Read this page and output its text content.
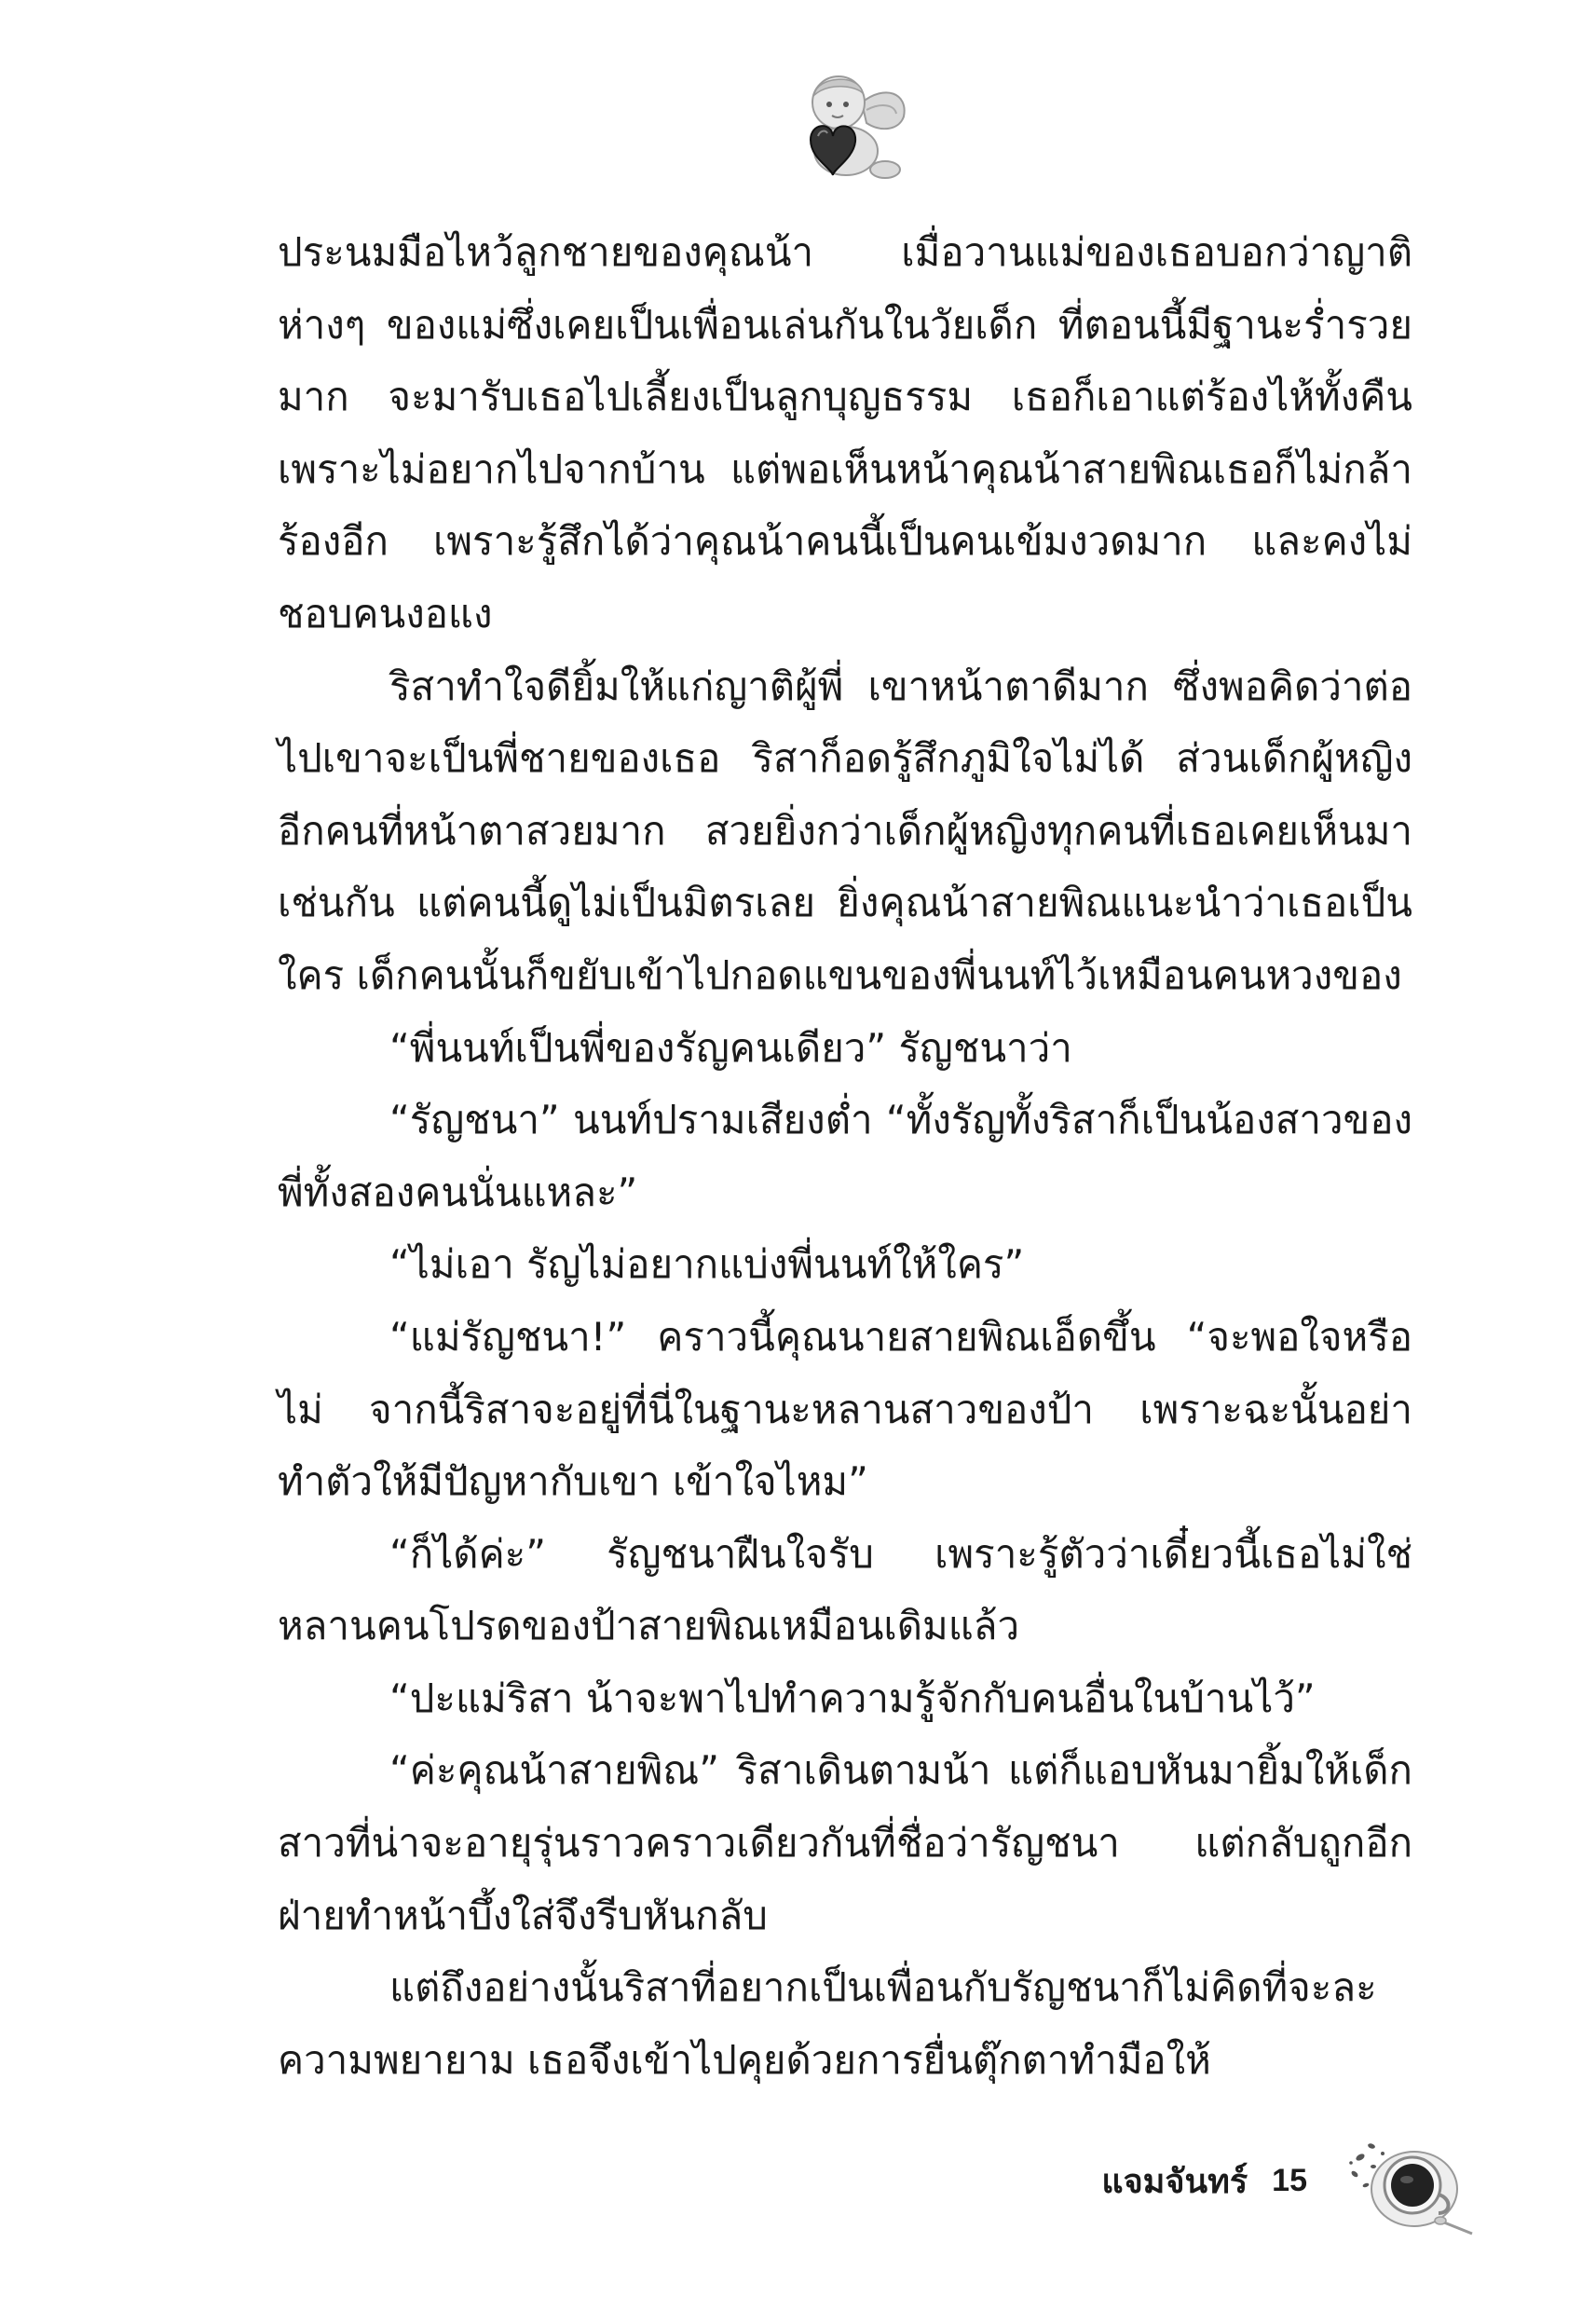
ประนมมือไหว้ลูกชายของคุณน้า เมื่อวานแม่ของเธอบอกว่าญาติห่างๆ ของแม่ซึ่งเคยเป็นเพื่อนเล่นกันในวัยเด็ก ที่ตอนนี้มีฐานะร่ำรวยมาก จะมารับเธอไปเลี้ยงเป็นลูกบุญธรรม เธอก็เอาแต่ร้องไห้ทั้งคืนเพราะไม่อยากไปจากบ้าน แต่พอเห็นหน้าคุณน้าสายพิณเธอก็ไม่กล้าร้องอีก เพราะรู้สึกได้ว่าคุณน้าคนนี้เป็นคนเข้มงวดมาก และคงไม่ชอบคนงอแง

ริสาทำใจดียิ้มให้แก่ญาติผู้พี่ เขาหน้าตาดีมาก ซึ่งพอคิดว่าต่อไปเขาจะเป็นพี่ชายของเธอ ริสาก็อดรู้สึกภูมิใจไม่ได้ ส่วนเด็กผู้หญิงอีกคนที่หน้าตาสวยมาก สวยยิ่งกว่าเด็กผู้หญิงทุกคนที่เธอเคยเห็นมาเช่นกัน แต่คนนี้ดูไม่เป็นมิตรเลย ยิ่งคุณน้าสายพิณแนะนำว่าเธอเป็นใคร เด็กคนนั้นก็ขยับเข้าไปกอดแขนของพี่นนท์ไว้เหมือนคนหวงของ

“พี่นนท์เป็นพี่ของรัญคนเดียว” รัญชนาว่า

“รัญชนา” นนท์ปรามเสียงต่ำ “ทั้งรัญทั้งริสาก็เป็นน้องสาวของพี่ทั้งสองคนนั่นแหละ”

“ไม่เอา รัญไม่อยากแบ่งพี่นนท์ให้ใคร”

“แม่รัญชนา!” คราวนี้คุณนายสายพิณเอ็ดขึ้น “จะพอใจหรือไม่ จากนี้ริสาจะอยู่ที่นี่ในฐานะหลานสาวของป้า เพราะฉะนั้นอย่าทำตัวให้มีปัญหากับเขา เข้าใจไหม”

“ก็ได้ค่ะ” รัญชนาฝืนใจรับ เพราะรู้ตัวว่าเดี๋ยวนี้เธอไม่ใช่หลานคนโปรดของป้าสายพิณเหมือนเดิมแล้ว

“ปะแม่ริสา น้าจะพาไปทำความรู้จักกับคนอื่นในบ้านไว้”

“ค่ะคุณน้าสายพิณ” ริสาเดินตามน้า แต่ก็แอบหันมายิ้มให้เด็กสาวที่น่าจะอายุรุ่นราวคราวเดียวกันที่ชื่อว่ารัญชนา แต่กลับถูกอีกฝ่ายทำหน้าบึ้งใส่จึงรีบหันกลับ

แต่ถึงอย่างนั้นริสาที่อยากเป็นเพื่อนกับรัญชนาก็ไม่คิดที่จะละความพยายาม เธอจึงเข้าไปคุยด้วยการยื่นตุ๊กตาทำมือให้

แจมจันทร์ 15
